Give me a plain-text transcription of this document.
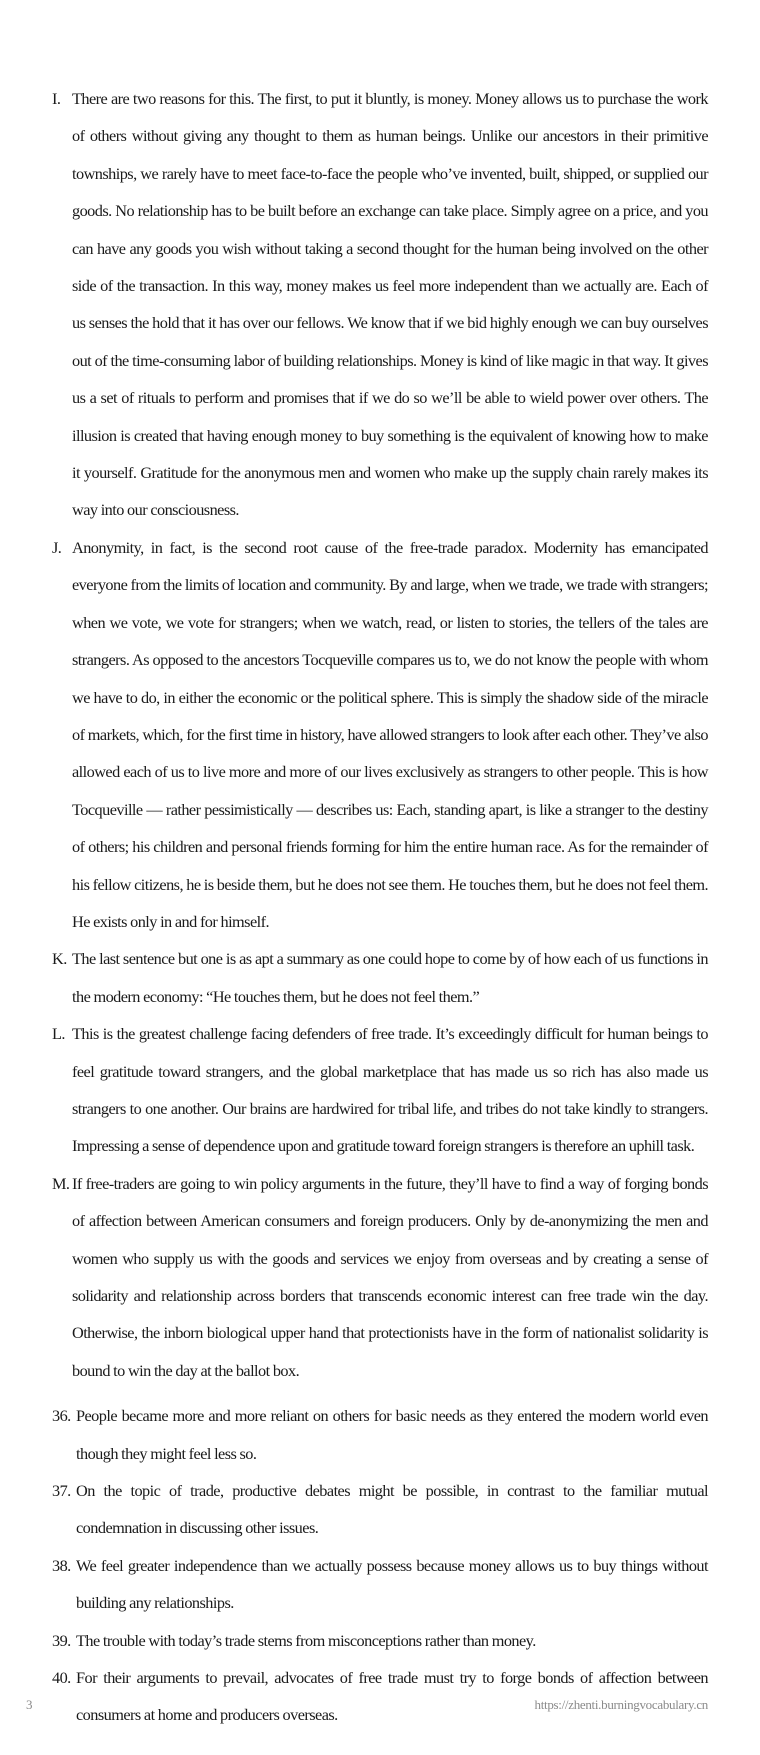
I. There are two reasons for this. The first, to put it bluntly, is money. Money allows us to purchase the work of others without giving any thought to them as human beings. Unlike our ancestors in their primitive townships, we rarely have to meet face-to-face the people who’ve invented, built, shipped, or supplied our goods. No relationship has to be built before an exchange can take place. Simply agree on a price, and you can have any goods you wish without taking a second thought for the human being involved on the other side of the transaction. In this way, money makes us feel more independent than we actually are. Each of us senses the hold that it has over our fellows. We know that if we bid highly enough we can buy ourselves out of the time-consuming labor of building relationships. Money is kind of like magic in that way. It gives us a set of rituals to perform and promises that if we do so we’ll be able to wield power over others. The illusion is created that having enough money to buy something is the equivalent of knowing how to make it yourself. Gratitude for the anonymous men and women who make up the supply chain rarely makes its way into our consciousness.
J. Anonymity, in fact, is the second root cause of the free-trade paradox. Modernity has emancipated everyone from the limits of location and community. By and large, when we trade, we trade with strangers; when we vote, we vote for strangers; when we watch, read, or listen to stories, the tellers of the tales are strangers. As opposed to the ancestors Tocqueville compares us to, we do not know the people with whom we have to do, in either the economic or the political sphere. This is simply the shadow side of the miracle of markets, which, for the first time in history, have allowed strangers to look after each other. They’ve also allowed each of us to live more and more of our lives exclusively as strangers to other people. This is how Tocqueville — rather pessimistically — describes us: Each, standing apart, is like a stranger to the destiny of others; his children and personal friends forming for him the entire human race. As for the remainder of his fellow citizens, he is beside them, but he does not see them. He touches them, but he does not feel them. He exists only in and for himself.
K. The last sentence but one is as apt a summary as one could hope to come by of how each of us functions in the modern economy: “He touches them, but he does not feel them.”
L. This is the greatest challenge facing defenders of free trade. It’s exceedingly difficult for human beings to feel gratitude toward strangers, and the global marketplace that has made us so rich has also made us strangers to one another. Our brains are hardwired for tribal life, and tribes do not take kindly to strangers. Impressing a sense of dependence upon and gratitude toward foreign strangers is therefore an uphill task.
M. If free-traders are going to win policy arguments in the future, they’ll have to find a way of forging bonds of affection between American consumers and foreign producers. Only by de-anonymizing the men and women who supply us with the goods and services we enjoy from overseas and by creating a sense of solidarity and relationship across borders that transcends economic interest can free trade win the day. Otherwise, the inborn biological upper hand that protectionists have in the form of nationalist solidarity is bound to win the day at the ballot box.
36. People became more and more reliant on others for basic needs as they entered the modern world even though they might feel less so.
37. On the topic of trade, productive debates might be possible, in contrast to the familiar mutual condemnation in discussing other issues.
38. We feel greater independence than we actually possess because money allows us to buy things without building any relationships.
39. The trouble with today’s trade stems from misconceptions rather than money.
40. For their arguments to prevail, advocates of free trade must try to forge bonds of affection between consumers at home and producers overseas.
3	https://zhenti.burningvocabulary.cn
